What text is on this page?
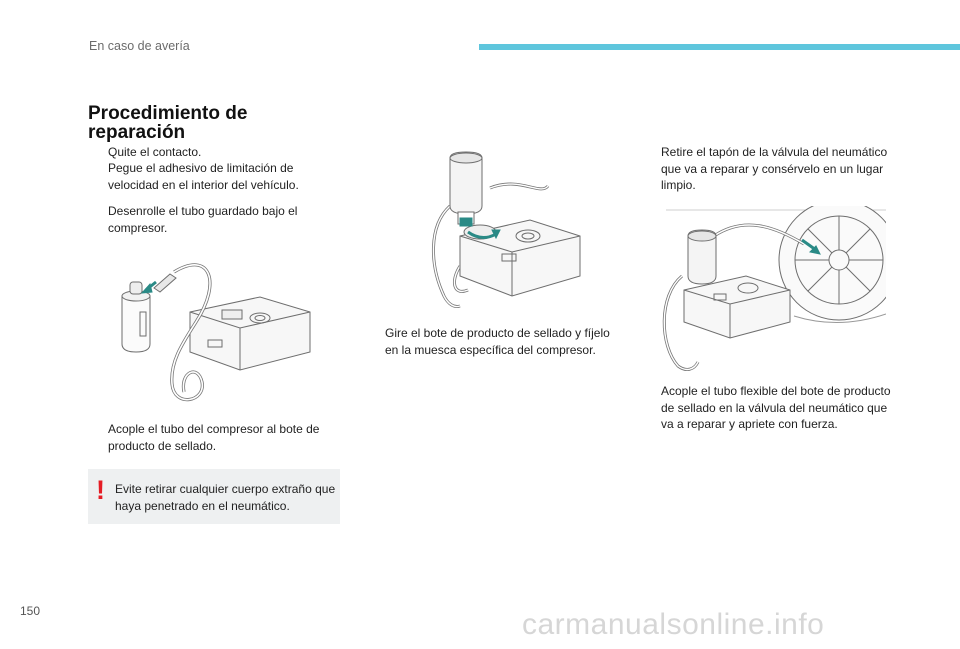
En caso de avería
Procedimiento de
reparación
Quite el contacto.
Pegue el adhesivo de limitación de velocidad en el interior del vehículo.
Desenrolle el tubo guardado bajo el compresor.
Acople el tubo del compresor al bote de producto de sellado.
! Evite retirar cualquier cuerpo extraño que haya penetrado en el neumático.
Gire el bote de producto de sellado y fíjelo en la muesca específica del compresor.
Retire el tapón de la válvula del neumático que va a reparar y consérvelo en un lugar limpio.
Acople el tubo flexible del bote de producto de sellado en la válvula del neumático que va a reparar y apriete con fuerza.
150	carmanualsonline.info
